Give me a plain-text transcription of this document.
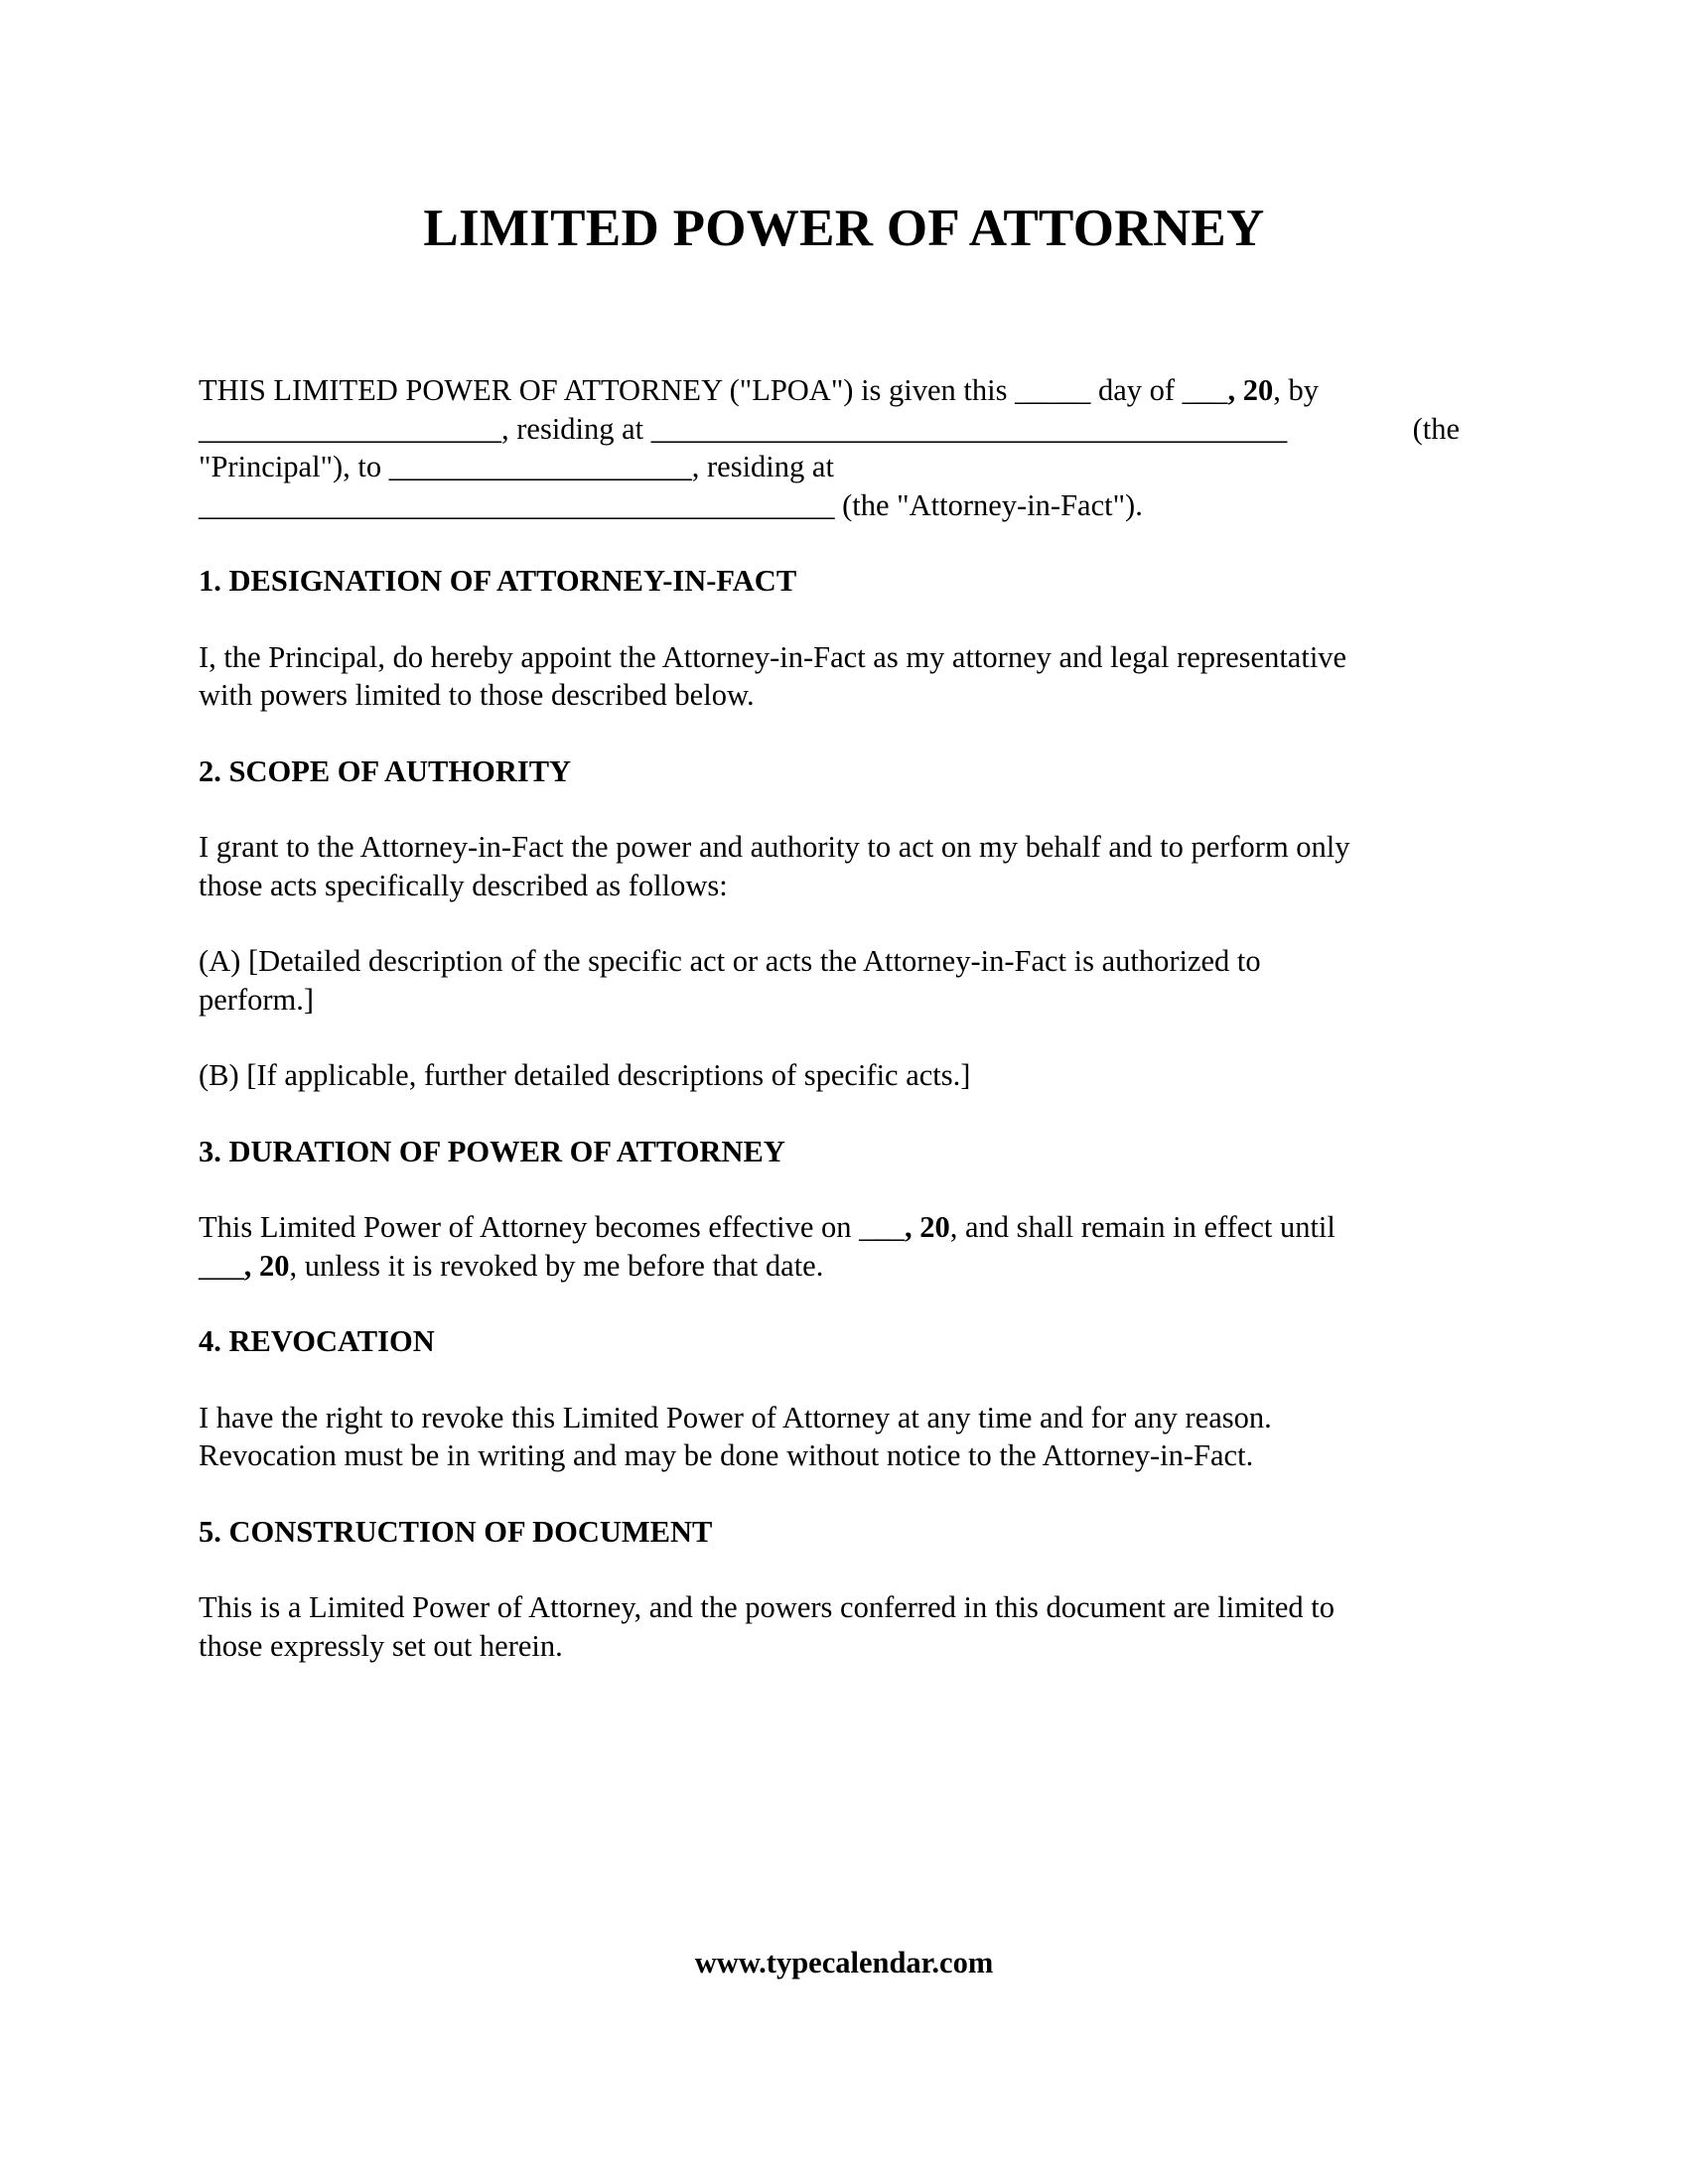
LIMITED POWER OF ATTORNEY
THIS LIMITED POWER OF ATTORNEY ("LPOA") is given this _____ day of ___, 20, by
____________________, residing at __________________________________________	(the
"Principal"), to ____________________, residing at
__________________________________________ (the "Attorney-in-Fact").
1. DESIGNATION OF ATTORNEY-IN-FACT
I, the Principal, do hereby appoint the Attorney-in-Fact as my attorney and legal representative
with powers limited to those described below.
2. SCOPE OF AUTHORITY
I grant to the Attorney-in-Fact the power and authority to act on my behalf and to perform only
those acts specifically described as follows:
(A) [Detailed description of the specific act or acts the Attorney-in-Fact is authorized to
perform.]
(B) [If applicable, further detailed descriptions of specific acts.]
3. DURATION OF POWER OF ATTORNEY
This Limited Power of Attorney becomes effective on ___, 20, and shall remain in effect until
___, 20, unless it is revoked by me before that date.
4. REVOCATION
I have the right to revoke this Limited Power of Attorney at any time and for any reason.
Revocation must be in writing and may be done without notice to the Attorney-in-Fact.
5. CONSTRUCTION OF DOCUMENT
This is a Limited Power of Attorney, and the powers conferred in this document are limited to
those expressly set out herein.
www.typecalendar.com
